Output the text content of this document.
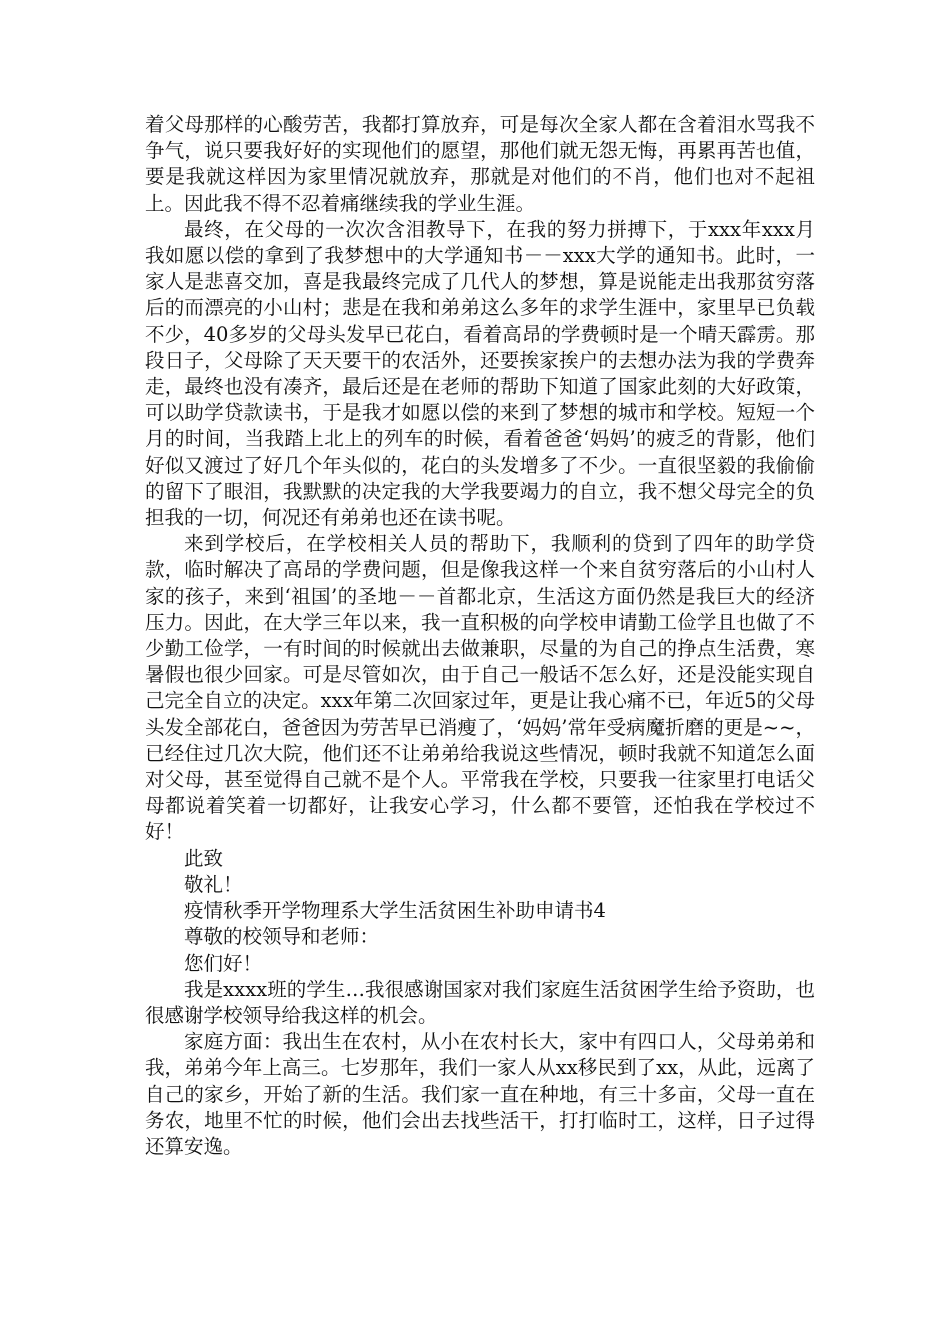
着父母那样的心酸劳苦，我都打算放弃，可是每次全家人都在含着泪水骂我不争气，说只要我好好的实现他们的愿望，那他们就无怨无悔，再累再苦也值，要是我就这样因为家里情况就放弃，那就是对他们的不肖，他们也对不起祖上。因此我不得不忍着痛继续我的学业生涯。

最终，在父母的一次次含泪教导下，在我的努力拼搏下，于xxx年xxx月我如愿以偿的拿到了我梦想中的大学通知书－－xxx大学的通知书。此时，一家人是悲喜交加，喜是我最终完成了几代人的梦想，算是说能走出我那贫穷落后的而漂亮的小山村；悲是在我和弟弟这么多年的求学生涯中，家里早已负载不少，40多岁的父母头发早已花白，看着高昂的学费顿时是一个晴天霹雳。那段日子，父母除了天天要干的农活外，还要挨家挨户的去想办法为我的学费奔走，最终也没有凑齐，最后还是在老师的帮助下知道了国家此刻的大好政策，可以助学贷款读书，于是我才如愿以偿的来到了梦想的城市和学校。短短一个月的时间，当我踏上北上的列车的时候，看着爸爸‘妈妈’的疲乏的背影，他们好似又渡过了好几个年头似的，花白的头发增多了不少。一直很坚毅的我偷偷的留下了眼泪，我默默的决定我的大学我要竭力的自立，我不想父母完全的负担我的一切，何况还有弟弟也还在读书呢。

来到学校后，在学校相关人员的帮助下，我顺利的贷到了四年的助学贷款，临时解决了高昂的学费问题，但是像我这样一个来自贫穷落后的小山村人家的孩子，来到‘祖国’的圣地－－首都北京，生活这方面仍然是我巨大的经济压力。因此，在大学三年以来，我一直积极的向学校申请勤工俭学且也做了不少勤工俭学，一有时间的时候就出去做兼职，尽量的为自己的挣点生活费，寒暑假也很少回家。可是尽管如次，由于自己一般话不怎么好，还是没能实现自己完全自立的决定。xxx年第二次回家过年，更是让我心痛不已，年近5的父母头发全部花白，爸爸因为劳苦早已消瘦了，‘妈妈’常年受病魔折磨的更是~~，已经住过几次大院，他们还不让弟弟给我说这些情况，顿时我就不知道怎么面对父母，甚至觉得自己就不是个人。平常我在学校，只要我一往家里打电话父母都说着笑着一切都好，让我安心学习，什么都不要管，还怕我在学校过不好！

此致

敬礼！

疫情秋季开学物理系大学生活贫困生补助申请书4

尊敬的校领导和老师：

您们好！

我是xxxx班的学生…我很感谢国家对我们家庭生活贫困学生给予资助，也很感谢学校领导给我这样的机会。

家庭方面：我出生在农村，从小在农村长大，家中有四口人，父母弟弟和我，弟弟今年上高三。七岁那年，我们一家人从xx移民到了xx，从此，远离了自己的家乡，开始了新的生活。我们家一直在种地，有三十多亩，父母一直在务农，地里不忙的时候，他们会出去找些活干，打打临时工，这样，日子过得还算安逸。
